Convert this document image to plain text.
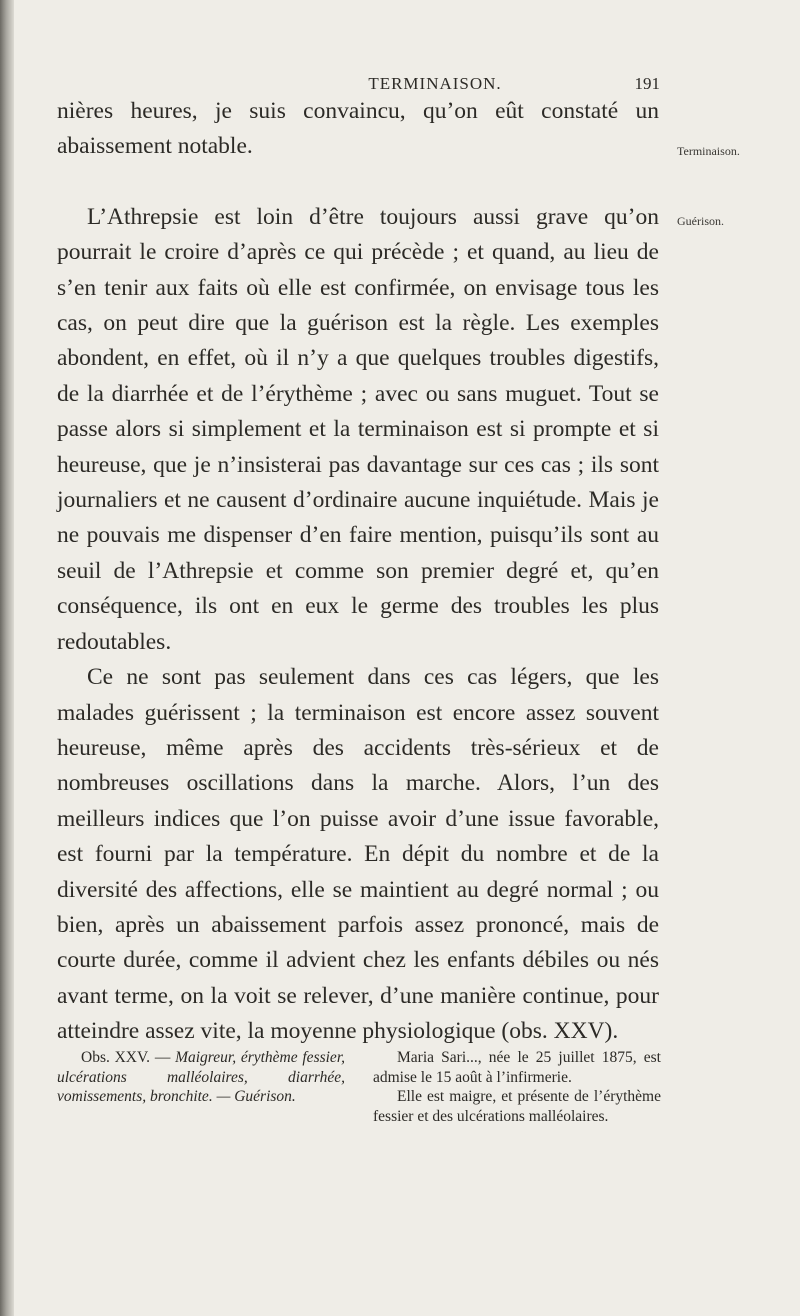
TERMINAISON.	191
Terminaison.
Guérison.

nières heures, je suis convaincu, qu’on eût constaté un abaissement notable.

L’Athrepsie est loin d’être toujours aussi grave qu’on pourrait le croire d’après ce qui précède ; et quand, au lieu de s’en tenir aux faits où elle est confirmée, on envisage tous les cas, on peut dire que la guérison est la règle. Les exemples abondent, en effet, où il n’y a que quelques troubles digestifs, de la diarrhée et de l’érythème ; avec ou sans muguet. Tout se passe alors si simplement et la terminaison est si prompte et si heureuse, que je n’insisterai pas davantage sur ces cas ; ils sont journaliers et ne causent d’ordinaire aucune inquiétude. Mais je ne pouvais me dispenser d’en faire mention, puisqu’ils sont au seuil de l’Athrepsie et comme son premier degré et, qu’en conséquence, ils ont en eux le germe des troubles les plus redoutables.

Ce ne sont pas seulement dans ces cas légers, que les malades guérissent ; la terminaison est encore assez souvent heureuse, même après des accidents très-sérieux et de nombreuses oscillations dans la marche. Alors, l’un des meilleurs indices que l’on puisse avoir d’une issue favorable, est fourni par la température. En dépit du nombre et de la diversité des affections, elle se maintient au degré normal ; ou bien, après un abaissement parfois assez prononcé, mais de courte durée, comme il advient chez les enfants débiles ou nés avant terme, on la voit se relever, d’une manière continue, pour atteindre assez vite, la moyenne physiologique (obs. XXV).

Obs. XXV. — Maigreur, érythème fessier, ulcérations malléolaires, diarrhée, vomissements, bronchite. — Guérison.

Maria Sari..., née le 25 juillet 1875, est admise le 15 août à l’infirmerie.

Elle est maigre, et présente de l’érythème fessier et des ulcérations malléolaires.
